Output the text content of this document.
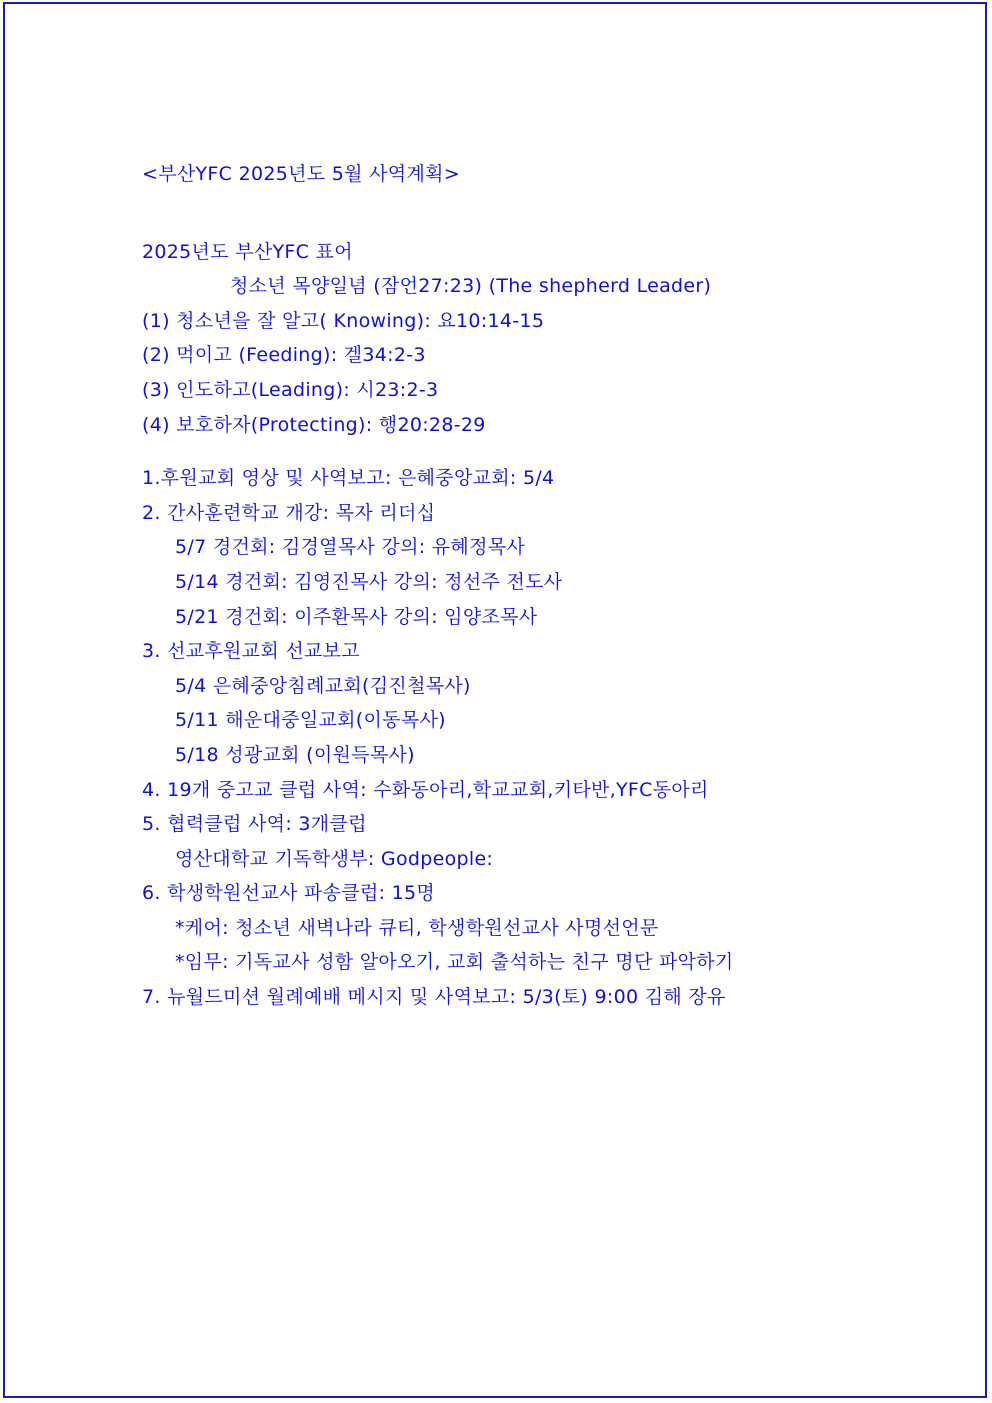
<부산YFC 2025년도 5월 사역계획>
2025년도 부산YFC 표어
청소년 목양일념 (잠언27:23) (The shepherd Leader)
(1) 청소년을 잘 알고( Knowing): 요10:14-15
(2) 먹이고 (Feeding): 겔34:2-3
(3) 인도하고(Leading): 시23:2-3
(4) 보호하자(Protecting): 행20:28-29
1.후원교회 영상 및 사역보고: 은혜중앙교회: 5/4
2. 간사훈련학교 개강: 목자 리더십
5/7 경건회: 김경열목사 강의: 유혜정목사
5/14 경건회: 김영진목사 강의: 정선주 전도사
5/21 경건회: 이주환목사 강의: 임양조목사
3. 선교후원교회 선교보고
5/4 은혜중앙침례교회(김진철목사)
5/11 해운대중일교회(이동목사)
5/18 성광교회 (이원득목사)
4. 19개 중고교 클럽 사역: 수화동아리,학교교회,키타반,YFC동아리
5. 협력클럽 사역: 3개클럽
영산대학교 기독학생부: Godpeople:
6. 학생학원선교사 파송클럽: 15명
*케어: 청소년 새벽나라 큐티, 학생학원선교사 사명선언문
*임무: 기독교사 성함 알아오기, 교회 출석하는 친구 명단 파악하기
7. 뉴월드미션 월례예배 메시지 및 사역보고: 5/3(토) 9:00 김해 장유
